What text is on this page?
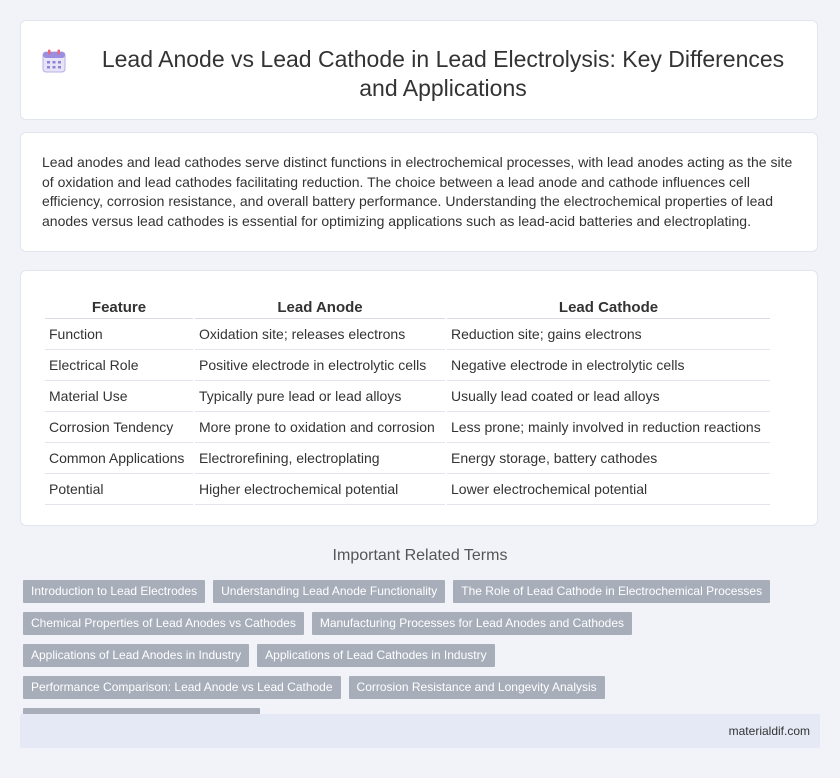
Lead Anode vs Lead Cathode in Lead Electrolysis: Key Differences and Applications

Lead anodes and lead cathodes serve distinct functions in electrochemical processes, with lead anodes acting as the site of oxidation and lead cathodes facilitating reduction. The choice between a lead anode and cathode influences cell efficiency, corrosion resistance, and overall battery performance. Understanding the electrochemical properties of lead anodes versus lead cathodes is essential for optimizing applications such as lead-acid batteries and electroplating.

Feature	Lead Anode	Lead Cathode
Function	Oxidation site; releases electrons	Reduction site; gains electrons
Electrical Role	Positive electrode in electrolytic cells	Negative electrode in electrolytic cells
Material Use	Typically pure lead or lead alloys	Usually lead coated or lead alloys
Corrosion Tendency	More prone to oxidation and corrosion	Less prone; mainly involved in reduction reactions
Common Applications	Electrorefining, electroplating	Energy storage, battery cathodes
Potential	Higher electrochemical potential	Lower electrochemical potential
Important Related Terms
Introduction to Lead Electrodes	Understanding Lead Anode Functionality	The Role of Lead Cathode in Electrochemical Processes
Chemical Properties of Lead Anodes vs Cathodes	Manufacturing Processes for Lead Anodes and Cathodes
Applications of Lead Anodes in Industry	Applications of Lead Cathodes in Industry
Performance Comparison: Lead Anode vs Lead Cathode	Corrosion Resistance and Longevity Analysis
materialdif.com
